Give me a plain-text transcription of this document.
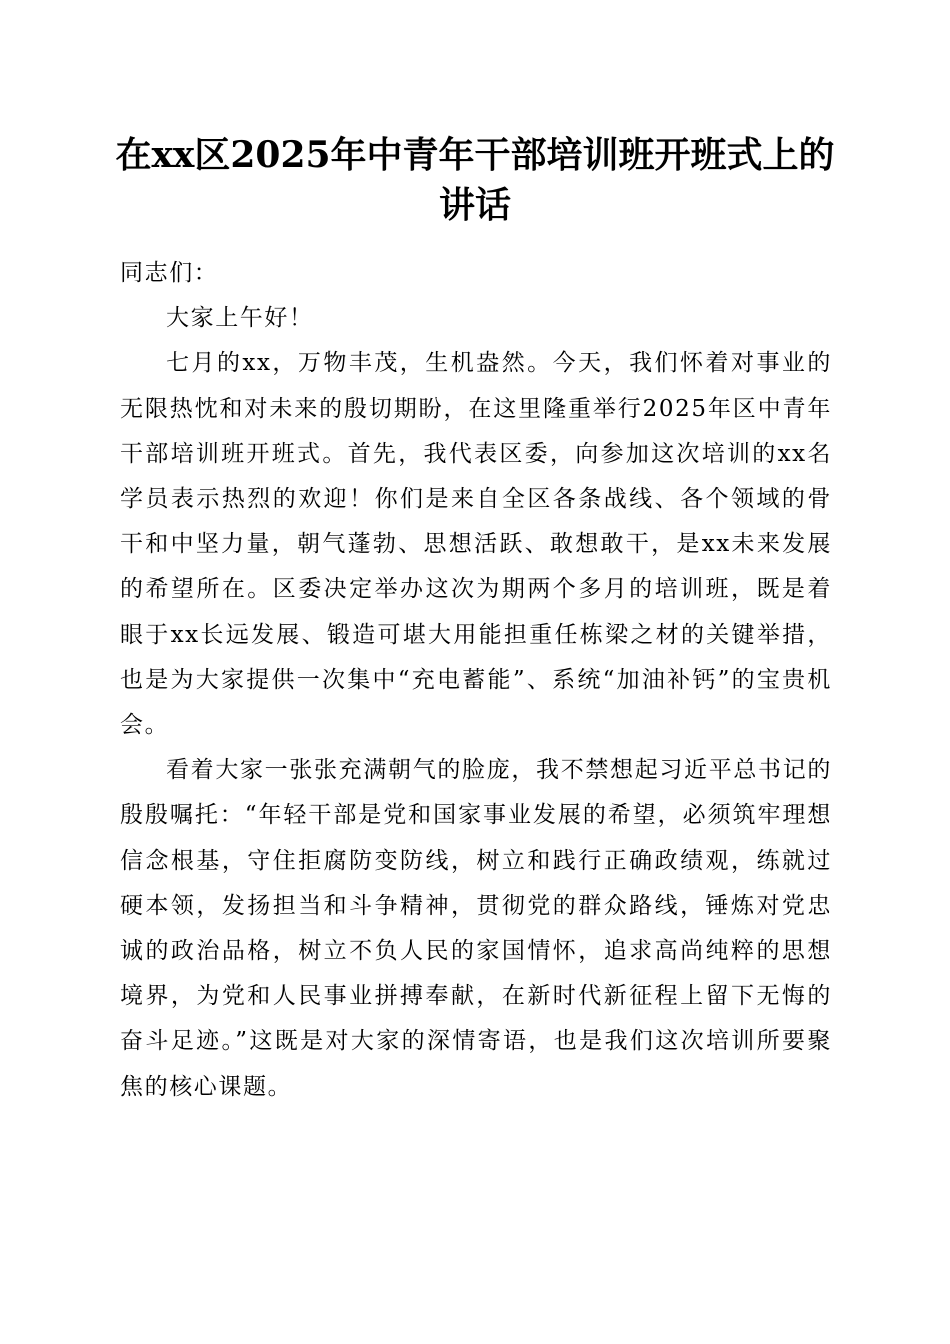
在xx区2025年中青年干部培训班开班式上的讲话

同志们：

大家上午好！

七月的xx，万物丰茂，生机盎然。今天，我们怀着对事业的无限热忱和对未来的殷切期盼，在这里隆重举行2025年区中青年干部培训班开班式。首先，我代表区委，向参加这次培训的xx名学员表示热烈的欢迎！你们是来自全区各条战线、各个领域的骨干和中坚力量，朝气蓬勃、思想活跃、敢想敢干，是xx未来发展的希望所在。区委决定举办这次为期两个多月的培训班，既是着眼于xx长远发展、锻造可堪大用能担重任栋梁之材的关键举措，也是为大家提供一次集中“充电蓄能”、系统“加油补钙”的宝贵机会。

看着大家一张张充满朝气的脸庞，我不禁想起习近平总书记的殷殷嘱托：“年轻干部是党和国家事业发展的希望，必须筑牢理想信念根基，守住拒腐防变防线，树立和践行正确政绩观，练就过硬本领，发扬担当和斗争精神，贯彻党的群众路线，锤炼对党忠诚的政治品格，树立不负人民的家国情怀，追求高尚纯粹的思想境界，为党和人民事业拼搏奉献，在新时代新征程上留下无悔的奋斗足迹。”这既是对大家的深情寄语，也是我们这次培训所要聚焦的核心课题。
